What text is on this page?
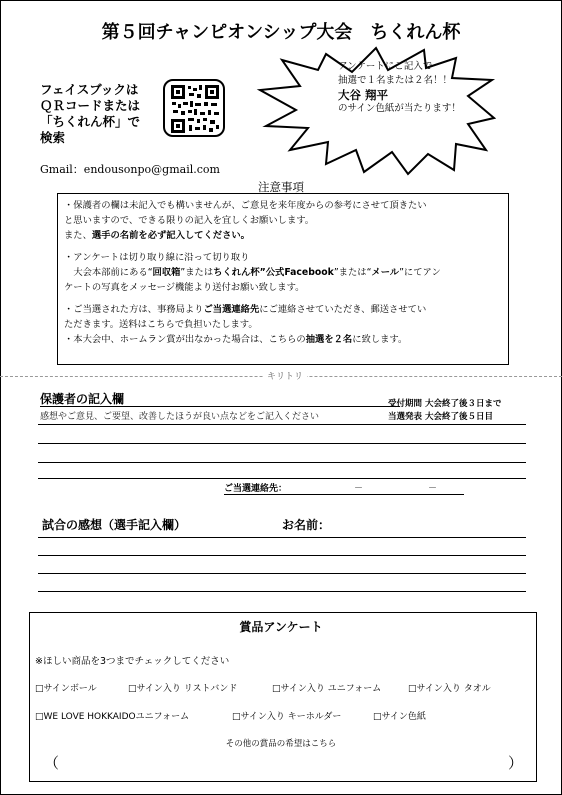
第５回チャンピオンシップ大会　ちくれん杯
フェイスブックは
ＱＲコードまたは
「ちくれん杯」で
検索
アンケートにご記入で
抽選で１名または２名！！
大谷 翔平
のサイン色紙が当たります！
Gmail：endousonpo@gmail.com
注意事項

・保護者の欄は未記入でも構いませんが、ご意見を来年度からの参考にさせて頂きたい

と思いますので、できる限りの記入を宜しくお願いします。

また、選手の名前を必ず記入してください。

・アンケートは切り取り線に沿って切り取り

　大会本部前にある“回収箱”またはちくれん杯”公式Facebook”または“メール”にてアン

ケートの写真をメッセージ機能より送付お願い致します。

・ご当選された方は、事務局よりご当選連絡先にご連絡させていただき、郵送させてい

ただきます。送料はこちらで負担いたします。

・本大会中、ホームラン賞が出なかった場合は、こちらの抽選を２名に致します。

キリトリ
保護者の記入欄	受付期間 大会終了後３日まで
当選発表 大会終了後５日目
感想やご意見、ご要望、改善したほうが良い点などをご記入ください
ご当選連絡先：	－	－
試合の感想（選手記入欄）	お名前：
賞品アンケート
※ほしい商品を3つまでチェックしてください
□サインボール	□サイン入り リストバンド	□サイン入り ユニフォーム	□サイン入り タオル
□WE LOVE HOKKAIDOユニフォーム	□サイン入り キーホルダー	□サイン色紙
その他の賞品の希望はこちら
（	）
